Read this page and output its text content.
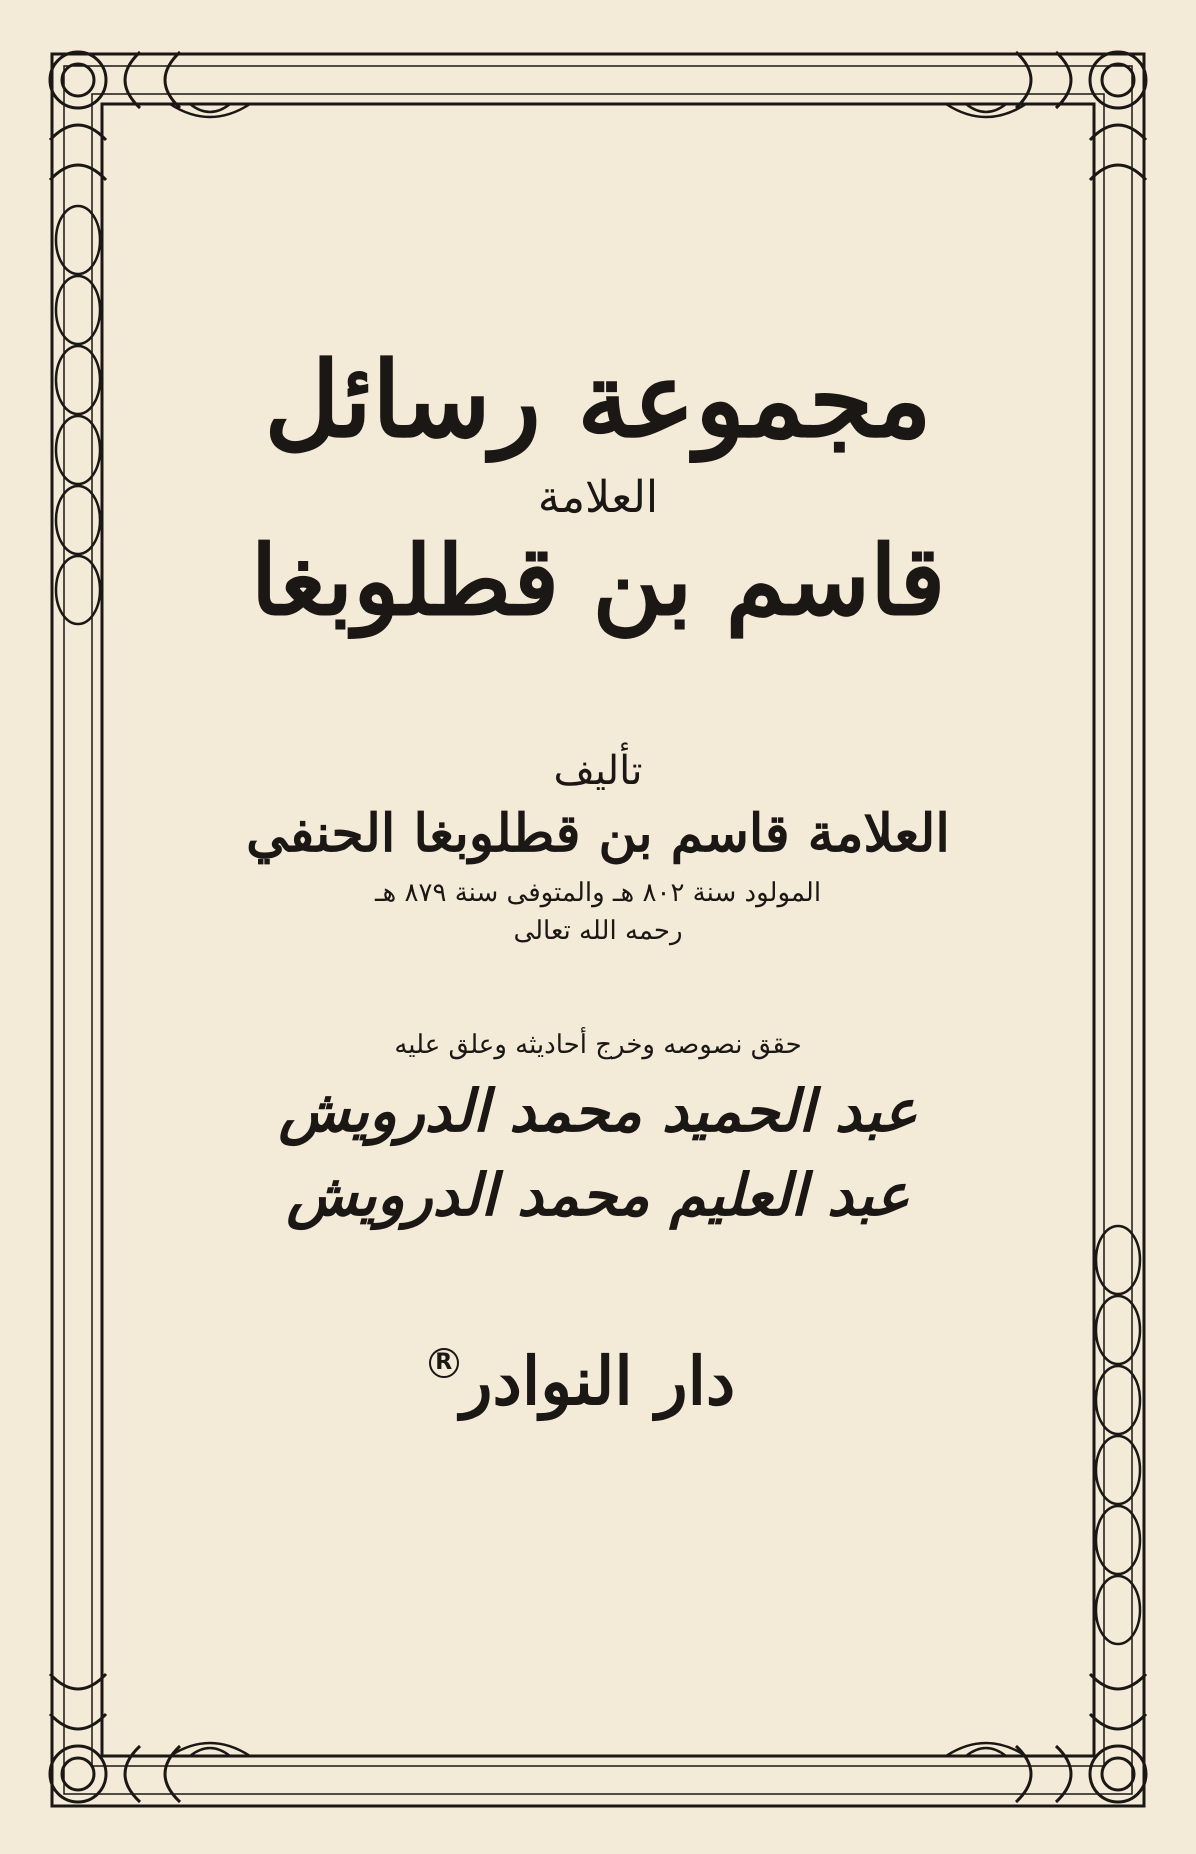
مجموعة رسائل
العلامة
قاسم بن قطلوبغا
تأليف
العلامة قاسم بن قطلوبغا الحنفي
المولود سنة ٨٠٢ هـ والمتوفى سنة ٨٧٩ هـ
رحمه الله تعالى
حقق نصوصه وخرج أحاديثه وعلق عليه
عبد الحميد محمد الدرويش
عبد العليم محمد الدرويش
دار النوادر
R
